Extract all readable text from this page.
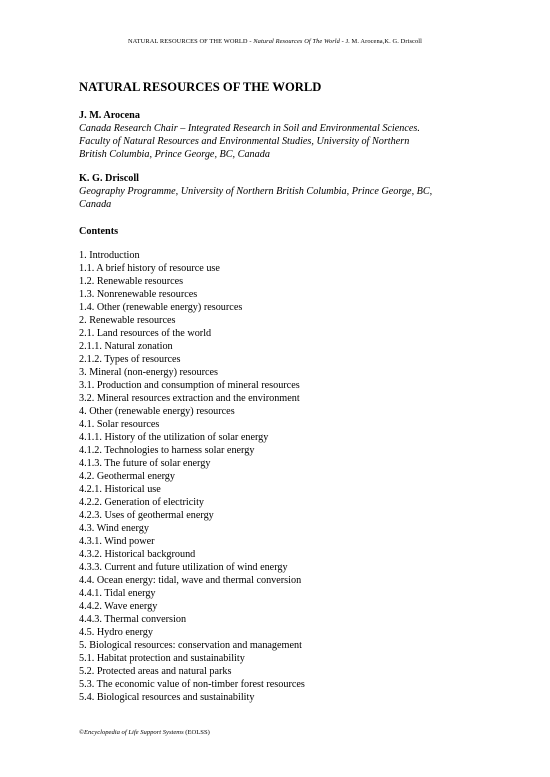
NATURAL RESOURCES OF THE WORLD - Natural Resources Of The World - J. M. Arocena,K. G. Driscoll
NATURAL RESOURCES OF THE WORLD
J. M. Arocena
Canada Research Chair – Integrated Research in Soil and Environmental Sciences.
Faculty of Natural Resources and Environmental Studies, University of Northern
British Columbia, Prince George, BC, Canada
K. G. Driscoll
Geography Programme, University of Northern British Columbia, Prince George, BC,
Canada
Contents
1. Introduction
1.1. A brief history of resource use
1.2. Renewable resources
1.3. Nonrenewable resources
1.4. Other (renewable energy) resources
2. Renewable resources
2.1. Land resources of the world
2.1.1. Natural zonation
2.1.2. Types of resources
3. Mineral (non-energy) resources
3.1. Production and consumption of mineral resources
3.2. Mineral resources extraction and the environment
4. Other (renewable energy) resources
4.1. Solar resources
4.1.1. History of the utilization of solar energy
4.1.2. Technologies to harness solar energy
4.1.3. The future of solar energy
4.2. Geothermal energy
4.2.1. Historical use
4.2.2. Generation of electricity
4.2.3. Uses of geothermal energy
4.3. Wind energy
4.3.1. Wind power
4.3.2. Historical background
4.3.3. Current and future utilization of wind energy
4.4. Ocean energy: tidal, wave and thermal conversion
4.4.1. Tidal energy
4.4.2. Wave energy
4.4.3. Thermal conversion
4.5. Hydro energy
5. Biological resources: conservation and management
5.1. Habitat protection and sustainability
5.2. Protected areas and natural parks
5.3. The economic value of non-timber forest resources
5.4. Biological resources and sustainability
©Encyclopedia of Life Support Systems (EOLSS)
